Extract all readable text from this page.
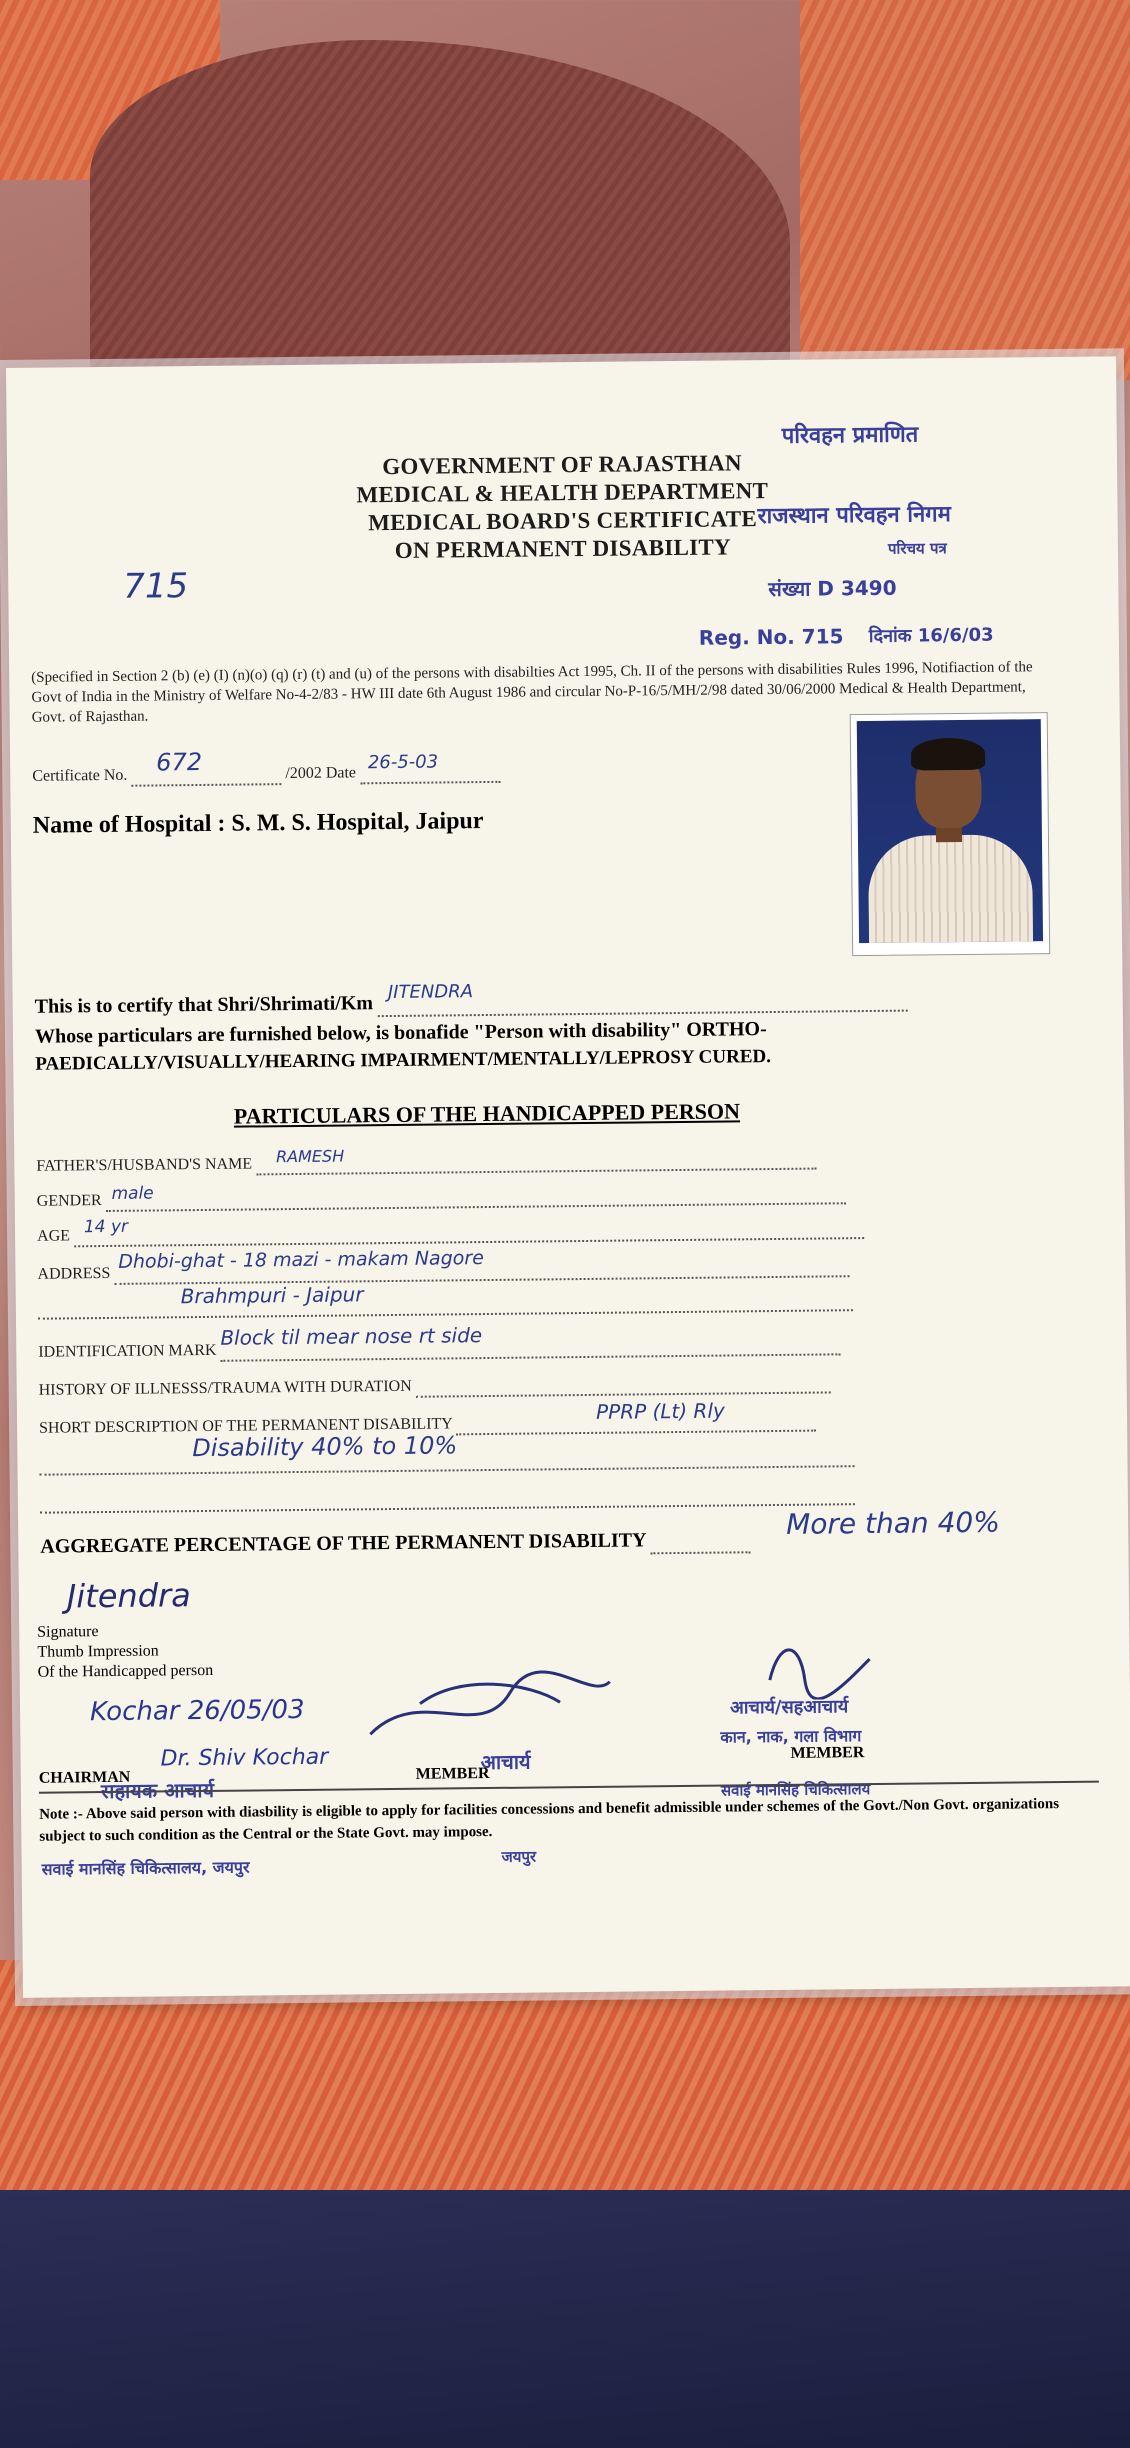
परिवहन प्रमाणित
राजस्थान परिवहन निगम
परिचय पत्र
संख्या D 3490
Reg. No. 715 दिनांक 16/6/03
GOVERNMENT OF RAJASTHAN
MEDICAL & HEALTH DEPARTMENT
MEDICAL BOARD'S CERTIFICATE
ON PERMANENT DISABILITY
715
(Specified in Section 2 (b) (e) (I) (n)(o) (q) (r) (t) and (u) of the persons with disabilties Act 1995, Ch. II of the persons with disabilities Rules 1996, Notifiaction of the Govt of India in the Ministry of Welfare No-4-2/83 - HW III date 6th August 1986 and circular No-P-16/5/MH/2/98 dated 30/06/2000 Medical & Health Department, Govt. of Rajasthan.
Certificate No. 672	/2002 Date 26-5-03

Name of Hospital : S. M. S. Hospital, Jaipur
This is to certify that Shri/Shrimati/Km
JITENDRA

Whose particulars are furnished below, is bonafide "Person with disability" ORTHO-
PAEDICALLY/VISUALLY/HEARING IMPAIRMENT/MENTALLY/LEPROSY CURED.
PARTICULARS OF THE HANDICAPPED PERSON
FATHER'S/HUSBAND'S NAME RAMESH

GENDER male

AGE 14 yr

ADDRESS
Dhobi-ghat - 18 mazi - makam Nagore

Brahmpuri - Jaipur
IDENTIFICATION MARK
Block til mear nose rt side

HISTORY OF ILLNESSS/TRAUMA WITH DURATION
SHORT DESCRIPTION OF THE PERMANENT DISABILITY
PPRP (Lt) Rly

Disability 40% to 10%
AGGREGATE PERCENTAGE OF THE PERMANENT DISABILITY
More than 40%
Jitendra
Signature
Thumb Impression
Of the Handicapped person
Kochar 26/05/03
Dr. Shiv Kochar
सहायक आचार्य
आचार्य
आचार्य/सहआचार्य
कान, नाक, गला विभाग
सवाई मानसिंह चिकित्सालय
CHAIRMAN	MEMBER
MEMBER
Note :- Above said person with diasbility is eligible to apply for facilities concessions and benefit admissible under schemes of the Govt./Non Govt. organizations subject to such condition as the Central or the State Govt. may impose.
सवाई मानसिंह चिकित्सालय, जयपुर
जयपुर
